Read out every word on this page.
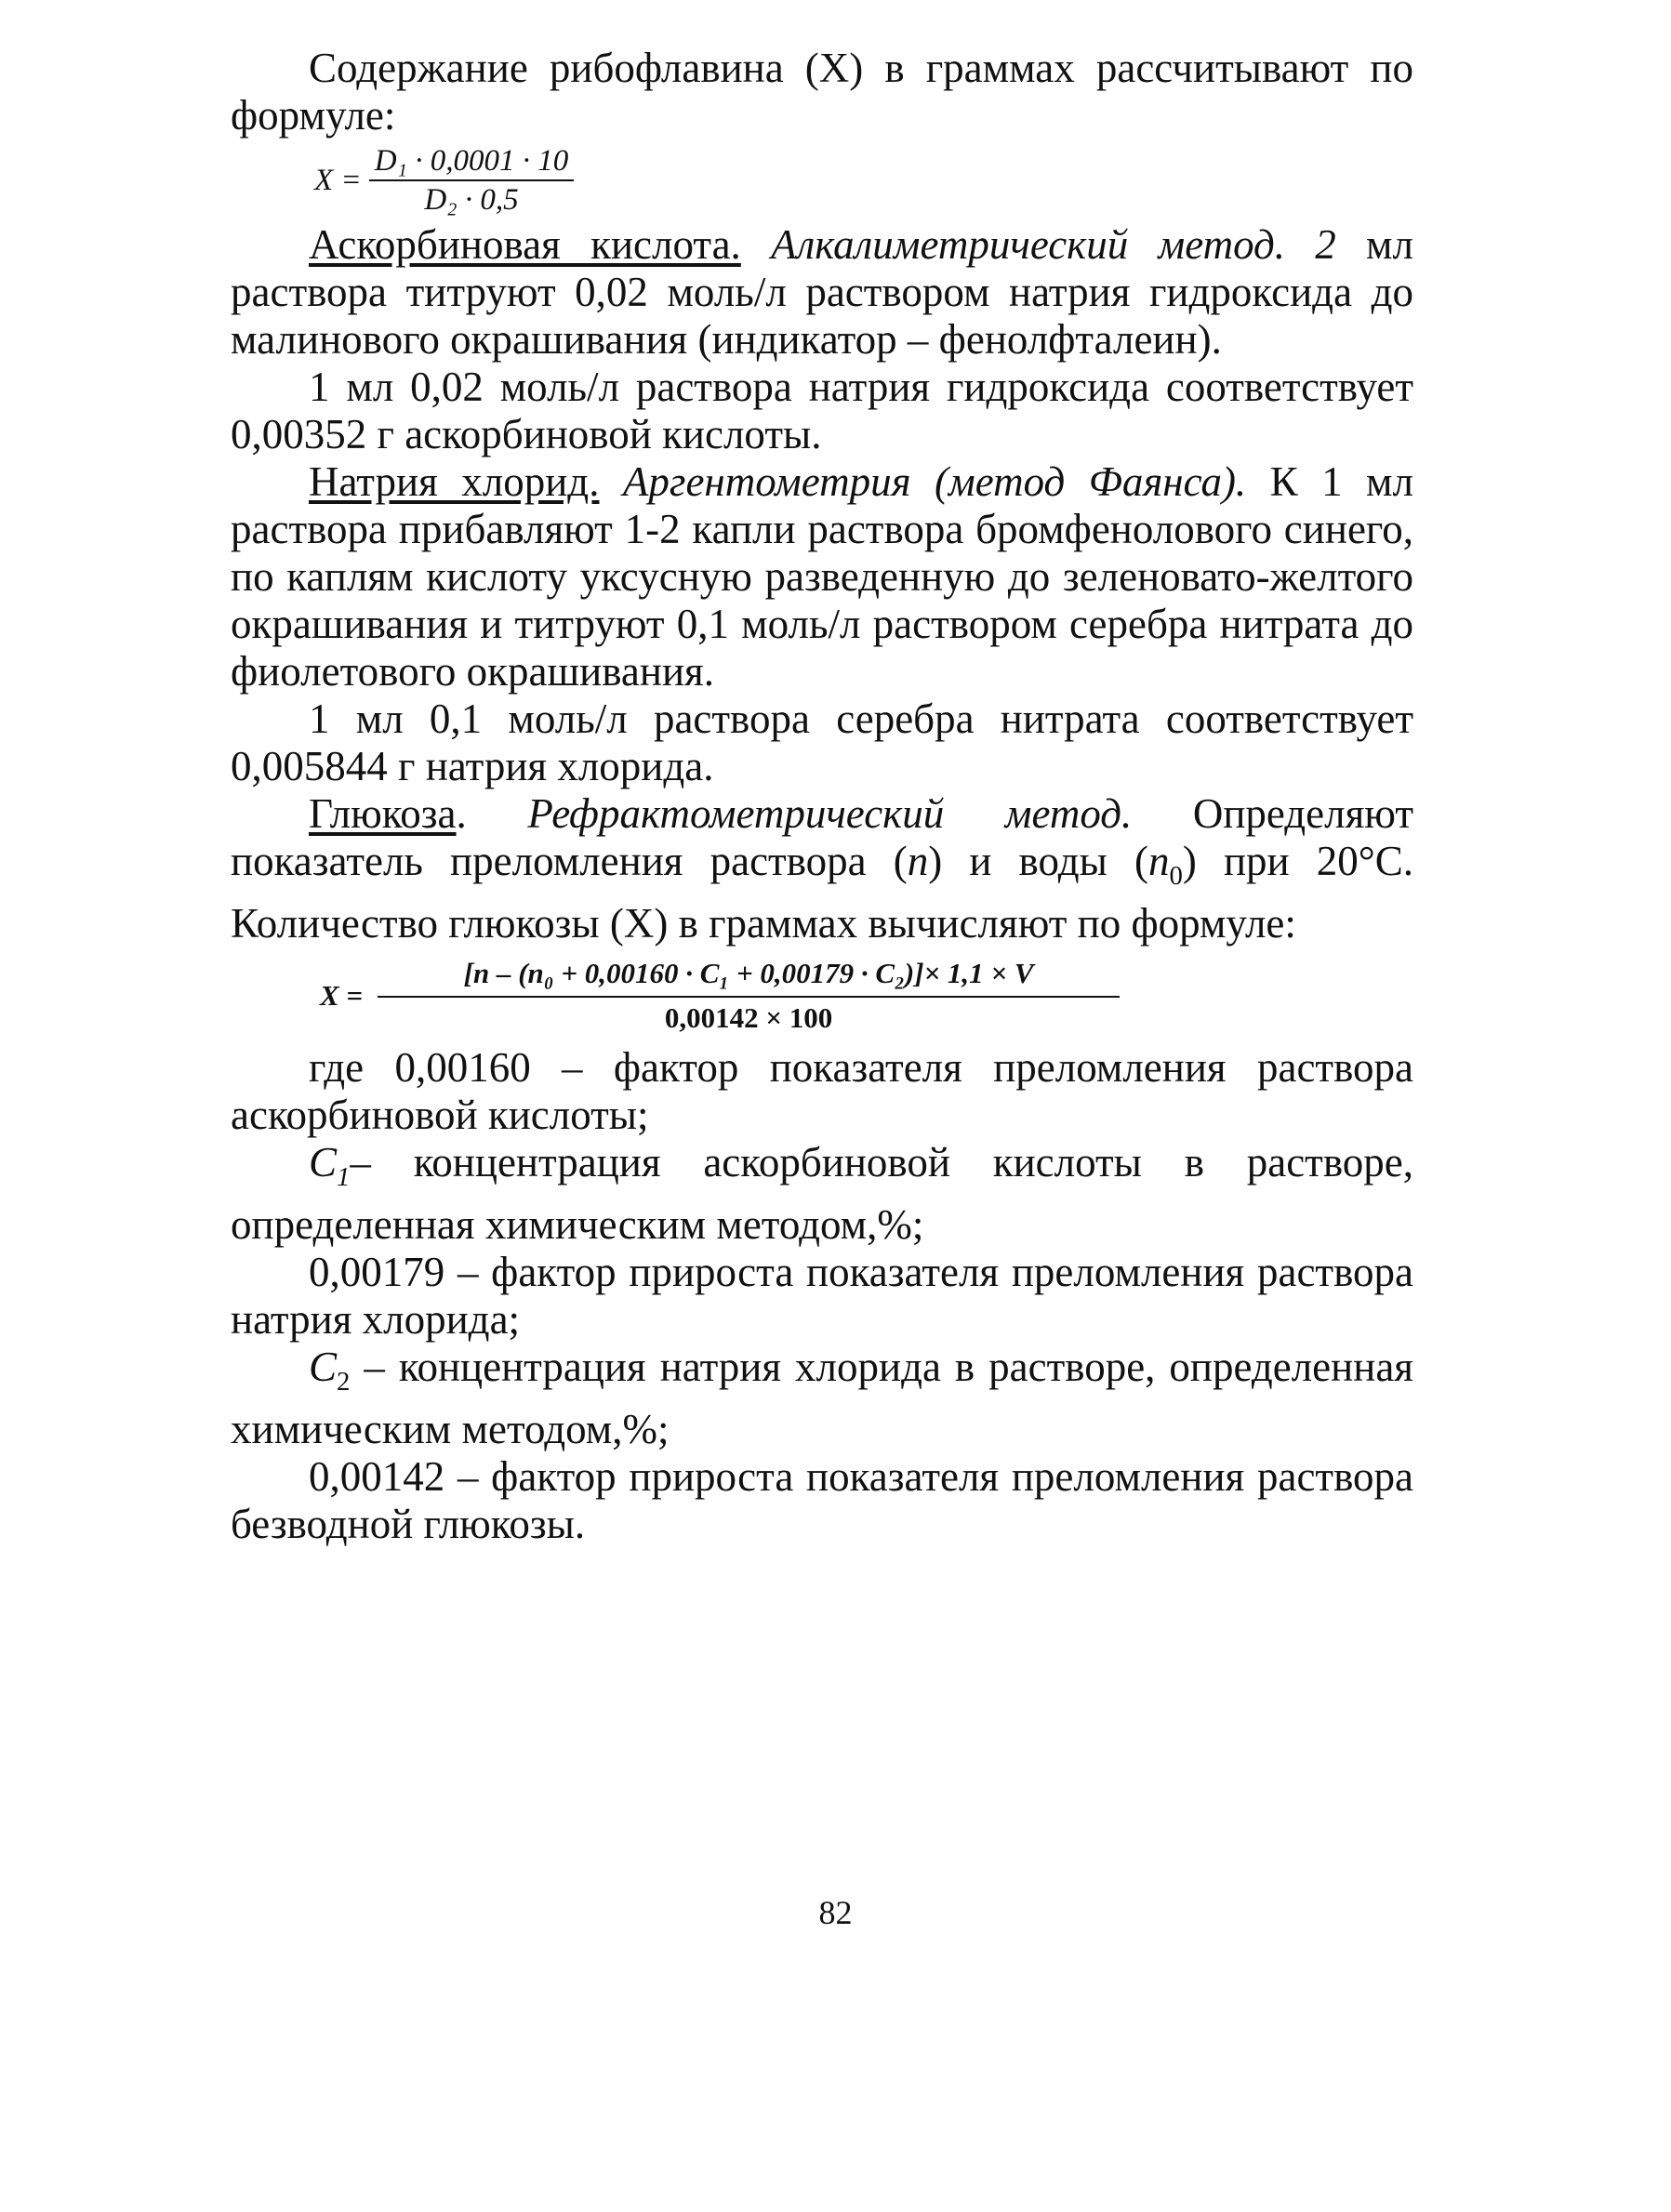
Содержание рибофлавина (Х) в граммах рассчитывают по формуле:

$X = \frac{\text{D₁ · 0,0001 · 10}}{\text{D₂ · 0,5}}$

Аскорбиновая кислота. Алкалиметрический метод. 2 мл раствора титруют 0,02 моль/л раствором натрия гидроксида до малинового окрашивания (индикатор – фенолфталеин).

1 мл 0,02 моль/л раствора натрия гидроксида соответствует 0,00352 г аскорбиновой кислоты.

Натрия хлорид. Аргентометрия (метод Фаянса). К 1 мл раствора прибавляют 1-2 капли раствора бромфенолового синего, по каплям кислоту уксусную разведенную до зеленовато-желтого окрашивания и титруют 0,1 моль/л раствором серебра нитрата до фиолетового окрашивания.

1 мл 0,1 моль/л раствора серебра нитрата соответствует 0,005844 г натрия хлорида.

Глюкоза. Рефрактометрический метод. Определяют показатель преломления раствора (n) и воды $(n_0)$ при 20°С. Количество глюкозы (Х) в граммах вычисляют по формуле:

$X = \frac{\text{[n – (n₀ + 0,00160 · C₁ + 0,00179 · C₂)]× 1,1 × V}}{0,00142 \times 100}$

где 0,00160 – фактор показателя преломления раствора аскорбиновой кислоты;

$C_1-$ концентрация аскорбиновой кислоты в растворе, определенная химическим методом,%;

0,00179 – фактор прироста показателя преломления раствора натрия хлорида;

$C_2$ – концентрация натрия хлорида в растворе, определенная химическим методом,%;

0,00142 – фактор прироста показателя преломления раствора безводной глюкозы.

82
